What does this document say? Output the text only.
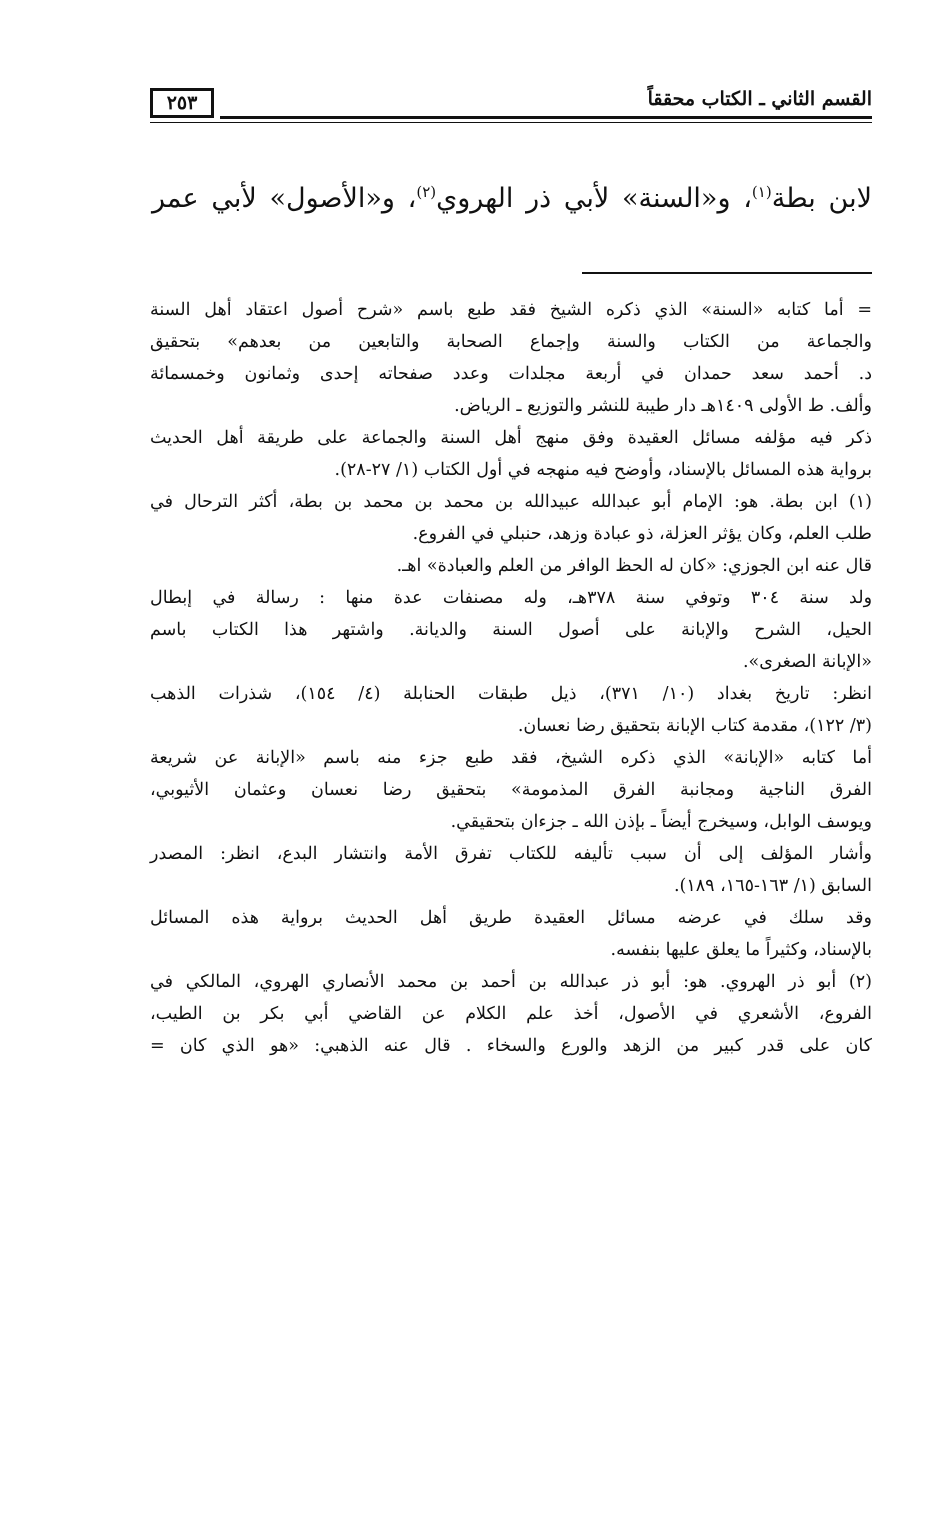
القسم الثاني ـ الكتاب محققاً
٢٥٣
لابن بطة$^{(١)}$، و«السنة» لأبي ذر الهروي$^{(٢)}$، و«الأصول» لأبي عمر

= أما كتابه «السنة» الذي ذكره الشيخ فقد طبع باسم «شرح أصول اعتقاد أهل السنة
والجماعة من الكتاب والسنة وإجماع الصحابة والتابعين من بعدهم» بتحقيق
د. أحمد سعد حمدان في أربعة مجلدات وعدد صفحاته إحدى وثمانون وخمسمائة
وألف. ط الأولى ١٤٠٩هـ دار طيبة للنشر والتوزيع ـ الرياض.

ذكر فيه مؤلفه مسائل العقيدة وفق منهج أهل السنة والجماعة على طريقة أهل الحديث
برواية هذه المسائل بالإسناد، وأوضح فيه منهجه في أول الكتاب (١/ ٢٧-٢٨).

(١) ابن بطة. هو: الإمام أبو عبدالله عبيدالله بن محمد بن محمد بن بطة، أكثر الترحال في
طلب العلم، وكان يؤثر العزلة، ذو عبادة وزهد، حنبلي في الفروع.
قال عنه ابن الجوزي: «كان له الحظ الوافر من العلم والعبادة» اهـ.
ولد سنة ٣٠٤ وتوفي سنة ٣٧٨هـ، وله مصنفات عدة منها : رسالة في إبطال
الحيل، الشرح والإبانة على أصول السنة والديانة. واشتهر هذا الكتاب باسم
«الإبانة الصغرى».
انظر: تاريخ بغداد (١٠/ ٣٧١)، ذيل طبقات الحنابلة (٤/ ١٥٤)، شذرات الذهب
(٣/ ١٢٢)، مقدمة كتاب الإبانة بتحقيق رضا نعسان.
أما كتابه «الإبانة» الذي ذكره الشيخ، فقد طبع جزء منه باسم «الإبانة عن شريعة
الفرق الناجية ومجانبة الفرق المذمومة» بتحقيق رضا نعسان وعثمان الأثيوبي،
ويوسف الوابل، وسيخرج أيضاً ـ بإذن الله ـ جزءان بتحقيقي.
وأشار المؤلف إلى أن سبب تأليفه للكتاب تفرق الأمة وانتشار البدع، انظر: المصدر
السابق (١/ ١٦٣-١٦٥، ١٨٩).
وقد سلك في عرضه مسائل العقيدة طريق أهل الحديث برواية هذه المسائل
بالإسناد، وكثيراً ما يعلق عليها بنفسه.

(٢) أبو ذر الهروي. هو: أبو ذر عبدالله بن أحمد بن محمد الأنصاري الهروي، المالكي في
الفروع، الأشعري في الأصول، أخذ علم الكلام عن القاضي أبي بكر بن الطيب،
كان على قدر كبير من الزهد والورع والسخاء . قال عنه الذهبي: «هو الذي كان =
